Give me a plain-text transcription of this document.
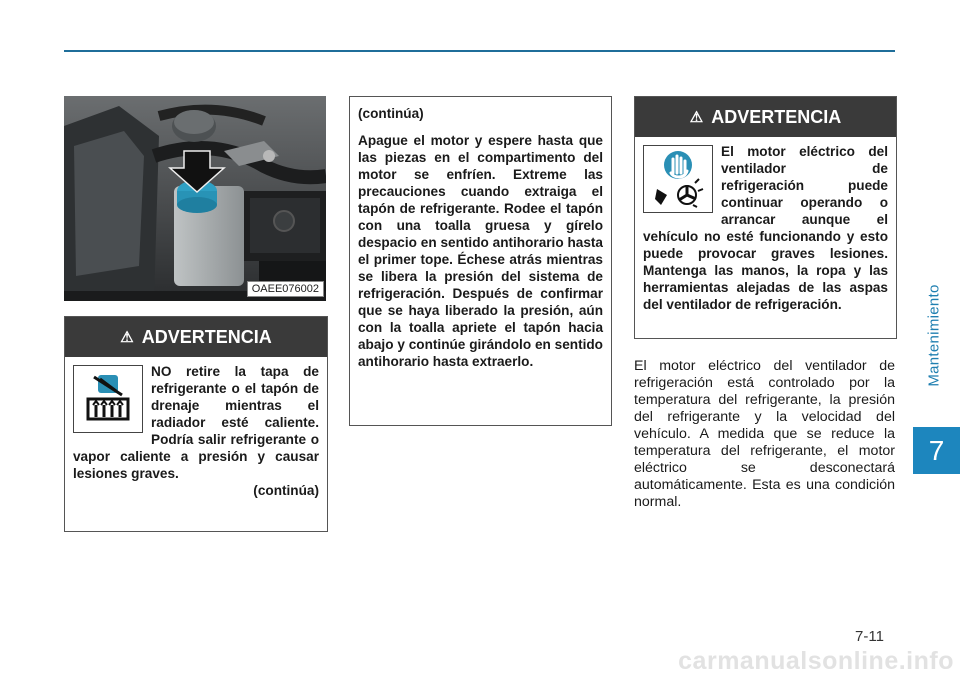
Mantenimiento
7
OAEE076002
⚠ ADVERTENCIA

NO retire la tapa de refrigerante o el tapón de drenaje mientras el radiador esté caliente. Podría salir refrigerante o vapor caliente a presión y causar lesiones graves.

(continúa)

(continúa)

Apague el motor y espere hasta que las piezas en el compartimento del motor se enfríen. Extreme las precauciones cuando extraiga el tapón de refrigerante. Rodee el tapón con una toalla gruesa y gírelo despacio en sentido antihorario hasta el primer tope. Échese atrás mientras se libera la presión del sistema de refrigeración. Después de confirmar que se haya liberado la presión, aún con la toalla apriete el tapón hacia abajo y continúe girándolo en sentido antihorario hasta extraerlo.

⚠ ADVERTENCIA

El motor eléctrico del ventilador de refrigeración puede continuar operando o arrancar aunque el vehículo no esté funcionando y esto puede provocar graves lesiones. Mantenga las manos, la ropa y las herramientas alejadas de las aspas del ventilador de refrigeración.

El motor eléctrico del ventilador de refrigeración está controlado por la temperatura del refrigerante, la presión del refrigerante y la velocidad del vehículo. A medida que se reduce la temperatura del refrigerante, el motor eléctrico se desconectará automáticamente. Esta es una condición normal.

7-11
carmanualsonline.info
